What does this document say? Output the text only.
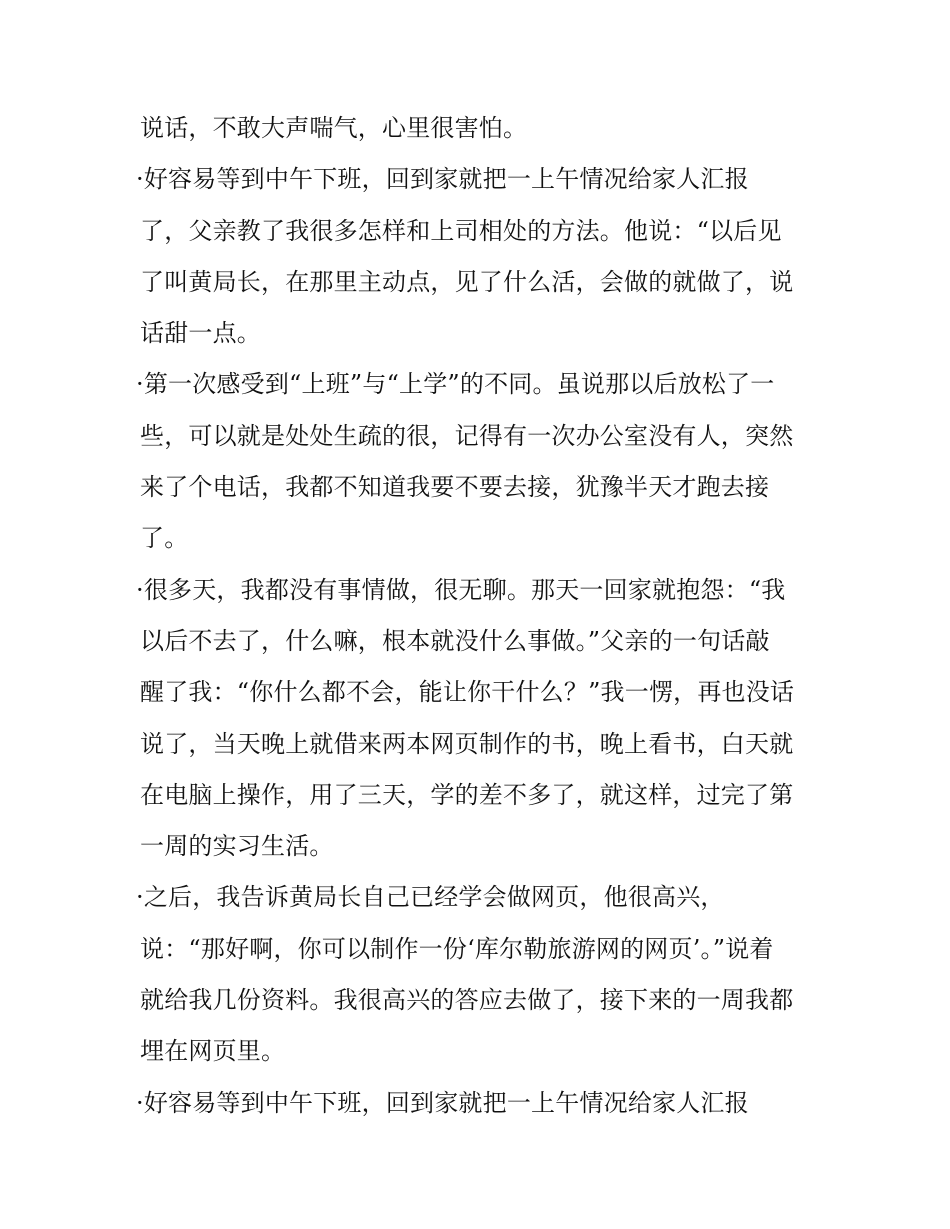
说话，不敢大声喘气，心里很害怕。
·好容易等到中午下班，回到家就把一上午情况给家人汇报
了，父亲教了我很多怎样和上司相处的方法。他说：“以后见
了叫黄局长，在那里主动点，见了什么活，会做的就做了，说
话甜一点。
·第一次感受到“上班”与“上学”的不同。虽说那以后放松了一
些，可以就是处处生疏的很，记得有一次办公室没有人，突然
来了个电话，我都不知道我要不要去接，犹豫半天才跑去接
了。
·很多天，我都没有事情做，很无聊。那天一回家就抱怨：“我
以后不去了，什么嘛，根本就没什么事做。”父亲的一句话敲
醒了我：“你什么都不会，能让你干什么？”我一愣，再也没话
说了，当天晚上就借来两本网页制作的书，晚上看书，白天就
在电脑上操作，用了三天，学的差不多了，就这样，过完了第
一周的实习生活。
·之后，我告诉黄局长自己已经学会做网页，他很高兴，
说：“那好啊，你可以制作一份‘库尔勒旅游网的网页’。”说着
就给我几份资料。我很高兴的答应去做了，接下来的一周我都
埋在网页里。
·好容易等到中午下班，回到家就把一上午情况给家人汇报
